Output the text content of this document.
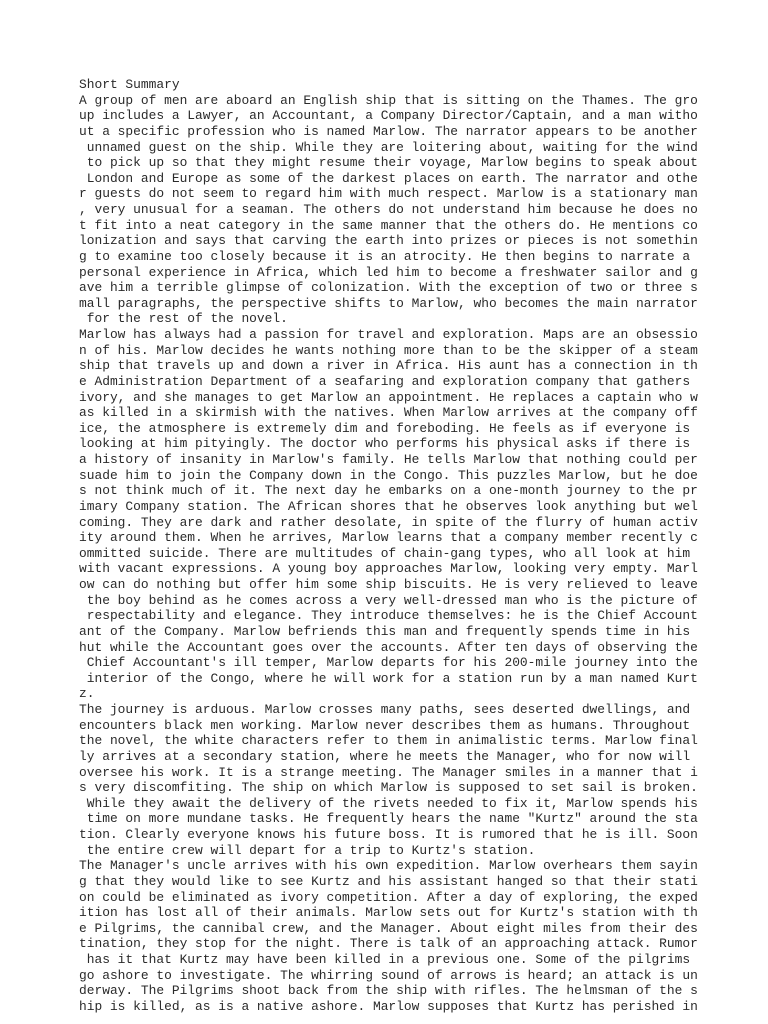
Short Summary
A group of men are aboard an English ship that is sitting on the Thames. The gro
up includes a Lawyer, an Accountant, a Company Director/Captain, and a man witho
ut a specific profession who is named Marlow. The narrator appears to be another
unnamed guest on the ship. While they are loitering about, waiting for the wind
to pick up so that they might resume their voyage, Marlow begins to speak about
London and Europe as some of the darkest places on earth. The narrator and othe
r guests do not seem to regard him with much respect. Marlow is a stationary man
, very unusual for a seaman. The others do not understand him because he does no
t fit into a neat category in the same manner that the others do. He mentions co
lonization and says that carving the earth into prizes or pieces is not somethin
g to examine too closely because it is an atrocity. He then begins to narrate a
personal experience in Africa, which led him to become a freshwater sailor and g
ave him a terrible glimpse of colonization. With the exception of two or three s
mall paragraphs, the perspective shifts to Marlow, who becomes the main narrator
for the rest of the novel.
Marlow has always had a passion for travel and exploration. Maps are an obsessio
n of his. Marlow decides he wants nothing more than to be the skipper of a steam
ship that travels up and down a river in Africa. His aunt has a connection in th
e Administration Department of a seafaring and exploration company that gathers
ivory, and she manages to get Marlow an appointment. He replaces a captain who w
as killed in a skirmish with the natives. When Marlow arrives at the company off
ice, the atmosphere is extremely dim and foreboding. He feels as if everyone is
looking at him pityingly. The doctor who performs his physical asks if there is
a history of insanity in Marlow's family. He tells Marlow that nothing could per
suade him to join the Company down in the Congo. This puzzles Marlow, but he doe
s not think much of it. The next day he embarks on a one-month journey to the pr
imary Company station. The African shores that he observes look anything but wel
coming. They are dark and rather desolate, in spite of the flurry of human activ
ity around them. When he arrives, Marlow learns that a company member recently c
ommitted suicide. There are multitudes of chain-gang types, who all look at him
with vacant expressions. A young boy approaches Marlow, looking very empty. Marl
ow can do nothing but offer him some ship biscuits. He is very relieved to leave
the boy behind as he comes across a very well-dressed man who is the picture of
respectability and elegance. They introduce themselves: he is the Chief Account
ant of the Company. Marlow befriends this man and frequently spends time in his
hut while the Accountant goes over the accounts. After ten days of observing the
Chief Accountant's ill temper, Marlow departs for his 200-mile journey into the
interior of the Congo, where he will work for a station run by a man named Kurt
z.
The journey is arduous. Marlow crosses many paths, sees deserted dwellings, and
encounters black men working. Marlow never describes them as humans. Throughout
the novel, the white characters refer to them in animalistic terms. Marlow final
ly arrives at a secondary station, where he meets the Manager, who for now will
oversee his work. It is a strange meeting. The Manager smiles in a manner that i
s very discomfiting. The ship on which Marlow is supposed to set sail is broken.
While they await the delivery of the rivets needed to fix it, Marlow spends his
time on more mundane tasks. He frequently hears the name "Kurtz" around the sta
tion. Clearly everyone knows his future boss. It is rumored that he is ill. Soon
the entire crew will depart for a trip to Kurtz's station.
The Manager's uncle arrives with his own expedition. Marlow overhears them sayin
g that they would like to see Kurtz and his assistant hanged so that their stati
on could be eliminated as ivory competition. After a day of exploring, the exped
ition has lost all of their animals. Marlow sets out for Kurtz's station with th
e Pilgrims, the cannibal crew, and the Manager. About eight miles from their des
tination, they stop for the night. There is talk of an approaching attack. Rumor
has it that Kurtz may have been killed in a previous one. Some of the pilgrims
go ashore to investigate. The whirring sound of arrows is heard; an attack is un
derway. The Pilgrims shoot back from the ship with rifles. The helmsman of the s
hip is killed, as is a native ashore. Marlow supposes that Kurtz has perished in
